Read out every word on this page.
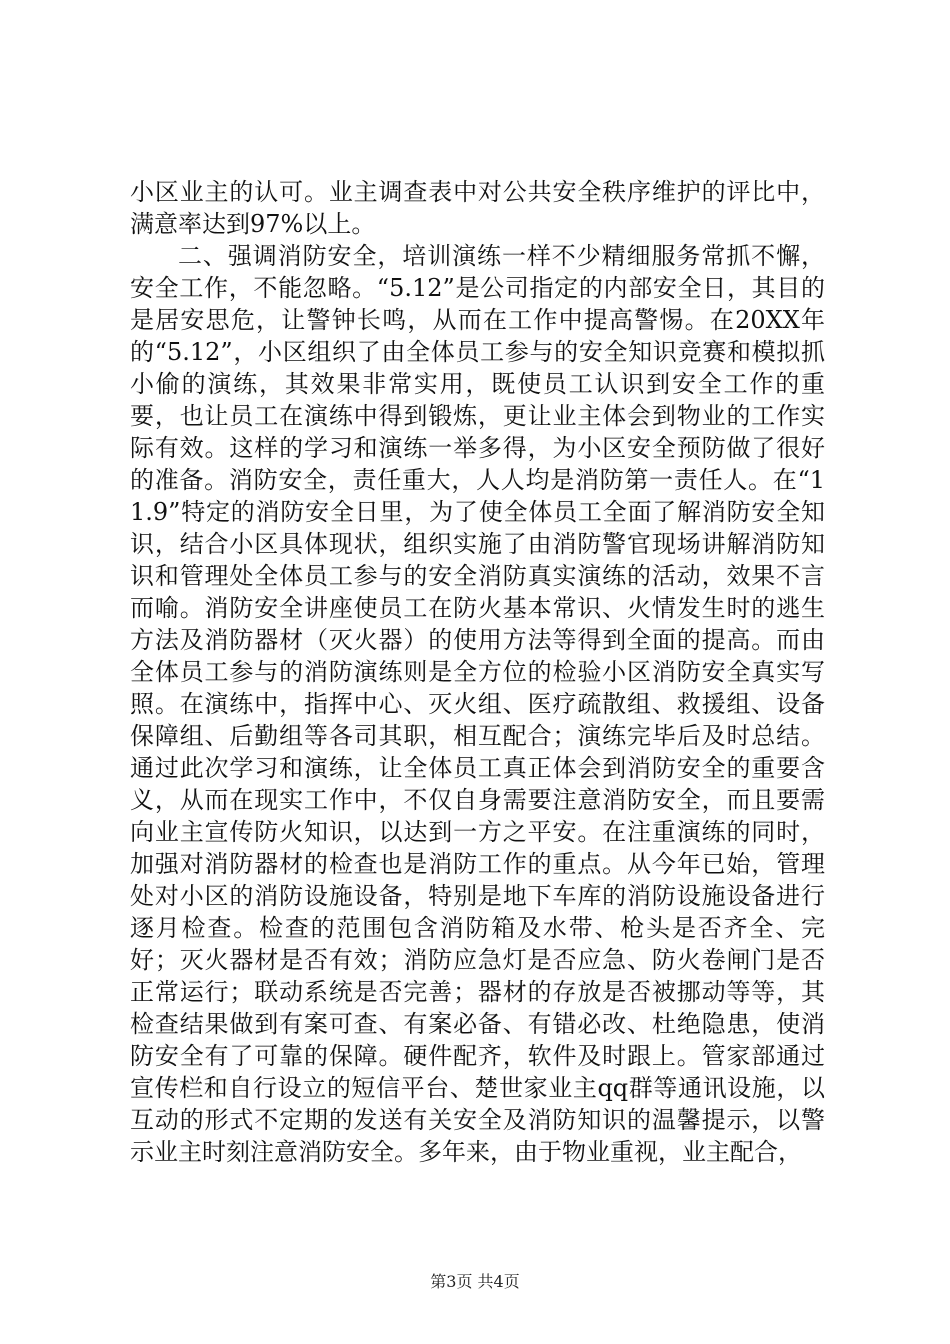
小区业主的认可。业主调查表中对公共安全秩序维护的评比中，满意率达到97%以上。

二、强调消防安全，培训演练一样不少精细服务常抓不懈，安全工作，不能忽略。“5.12”是公司指定的内部安全日，其目的是居安思危，让警钟长鸣，从而在工作中提高警惕。在20XX年的“5.12”，小区组织了由全体员工参与的安全知识竞赛和模拟抓小偷的演练，其效果非常实用，既使员工认识到安全工作的重要，也让员工在演练中得到锻炼，更让业主体会到物业的工作实际有效。这样的学习和演练一举多得，为小区安全预防做了很好的准备。消防安全，责任重大，人人均是消防第一责任人。在“11.9”特定的消防安全日里，为了使全体员工全面了解消防安全知识，结合小区具体现状，组织实施了由消防警官现场讲解消防知识和管理处全体员工参与的安全消防真实演练的活动，效果不言而喻。消防安全讲座使员工在防火基本常识、火情发生时的逃生方法及消防器材（灭火器）的使用方法等得到全面的提高。而由全体员工参与的消防演练则是全方位的检验小区消防安全真实写照。在演练中，指挥中心、灭火组、医疗疏散组、救援组、设备保障组、后勤组等各司其职，相互配合；演练完毕后及时总结。通过此次学习和演练，让全体员工真正体会到消防安全的重要含义，从而在现实工作中，不仅自身需要注意消防安全，而且要需向业主宣传防火知识，以达到一方之平安。在注重演练的同时，加强对消防器材的检查也是消防工作的重点。从今年已始，管理处对小区的消防设施设备，特别是地下车库的消防设施设备进行逐月检查。检查的范围包含消防箱及水带、枪头是否齐全、完好；灭火器材是否有效；消防应急灯是否应急、防火卷闸门是否正常运行；联动系统是否完善；器材的存放是否被挪动等等，其检查结果做到有案可查、有案必备、有错必改、杜绝隐患，使消防安全有了可靠的保障。硬件配齐，软件及时跟上。管家部通过宣传栏和自行设立的短信平台、楚世家业主qq群等通讯设施，以互动的形式不定期的发送有关安全及消防知识的温馨提示，以警示业主时刻注意消防安全。多年来，由于物业重视，业主配合，

第3页 共4页
